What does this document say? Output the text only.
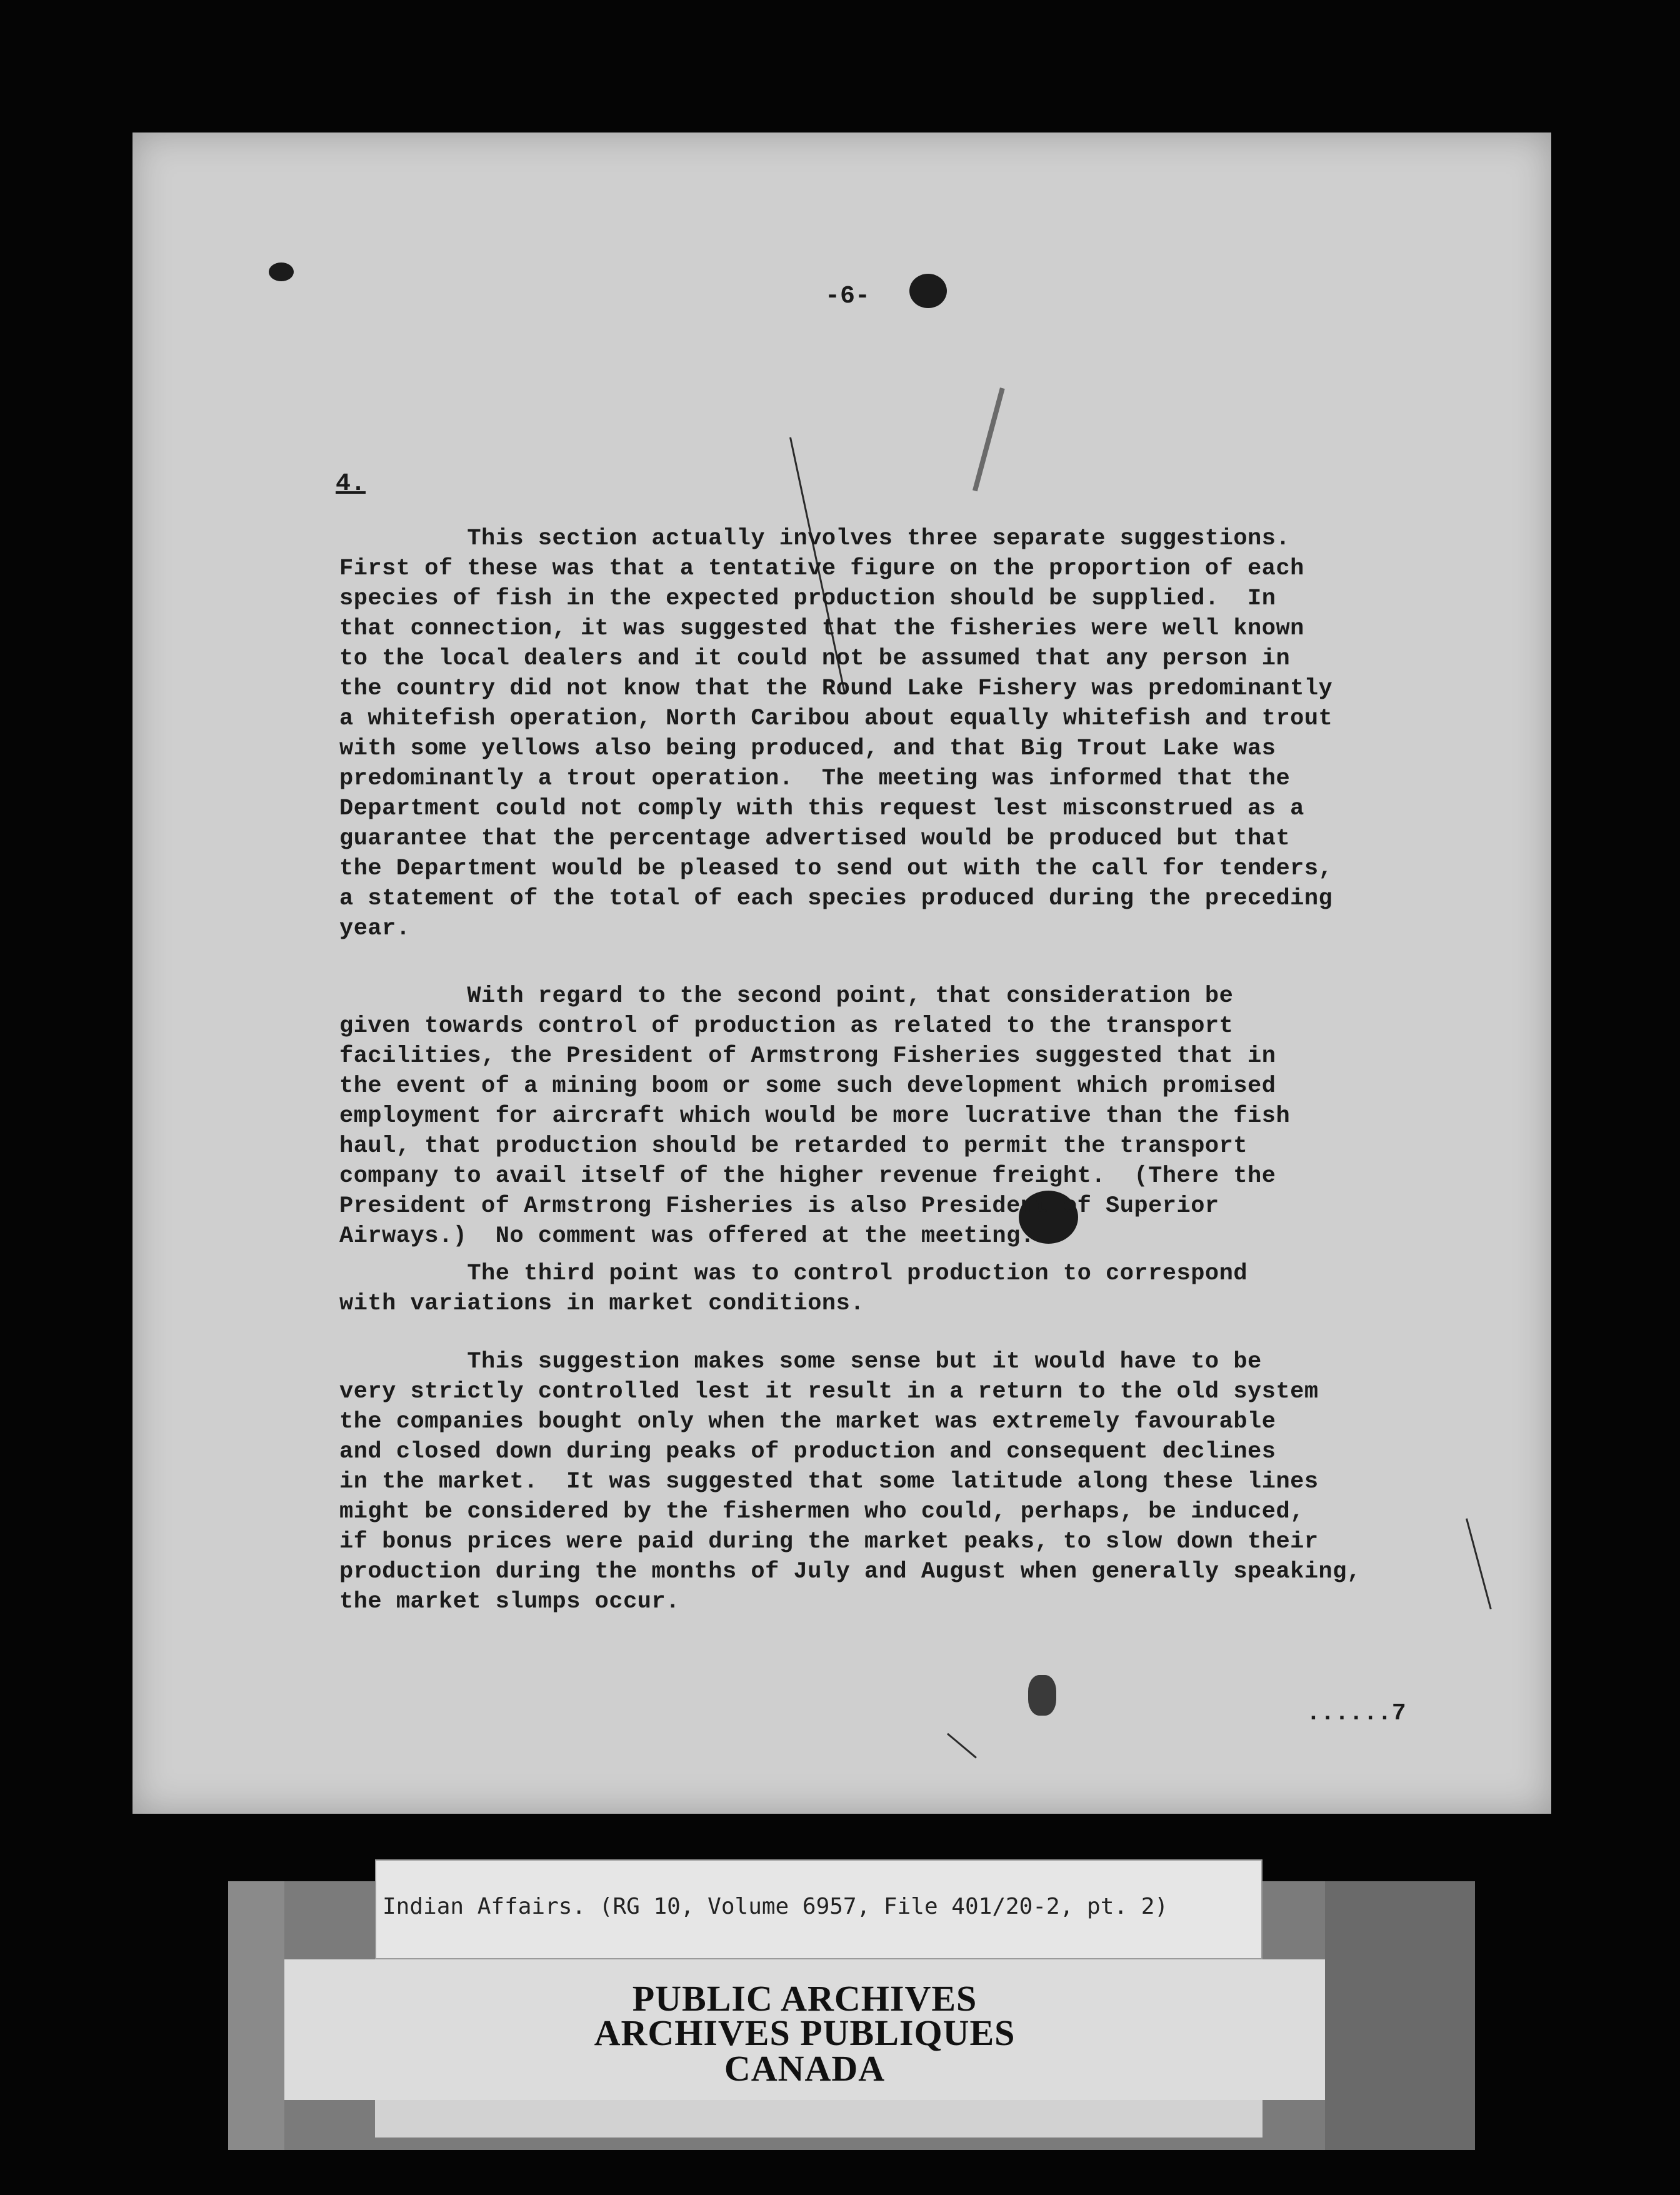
-6-
4.
This section actually involves three separate suggestions.
First of these was that a tentative figure on the proportion of each
species of fish in the expected production should be supplied.  In
that connection, it was suggested that the fisheries were well known
to the local dealers and it could not be assumed that any person in
the country did not know that the Round Lake Fishery was predominantly
a whitefish operation, North Caribou about equally whitefish and trout
with some yellows also being produced, and that Big Trout Lake was
predominantly a trout operation.  The meeting was informed that the
Department could not comply with this request lest misconstrued as a
guarantee that the percentage advertised would be produced but that
the Department would be pleased to send out with the call for tenders,
a statement of the total of each species produced during the preceding
year.
With regard to the second point, that consideration be
given towards control of production as related to the transport
facilities, the President of Armstrong Fisheries suggested that in
the event of a mining boom or some such development which promised
employment for aircraft which would be more lucrative than the fish
haul, that production should be retarded to permit the transport
company to avail itself of the higher revenue freight.  (There the
President of Armstrong Fisheries is also President of Superior
Airways.)  No comment was offered at the meeting.
The third point was to control production to correspond
with variations in market conditions.
This suggestion makes some sense but it would have to be
very strictly controlled lest it result in a return to the old system
the companies bought only when the market was extremely favourable
and closed down during peaks of production and consequent declines
in the market.  It was suggested that some latitude along these lines
might be considered by the fishermen who could, perhaps, be induced,
if bonus prices were paid during the market peaks, to slow down their
production during the months of July and August when generally speaking,
the market slumps occur.
......7
Indian Affairs. (RG 10, Volume 6957, File 401/20-2, pt. 2)
PUBLIC ARCHIVES
ARCHIVES PUBLIQUES
CANADA
